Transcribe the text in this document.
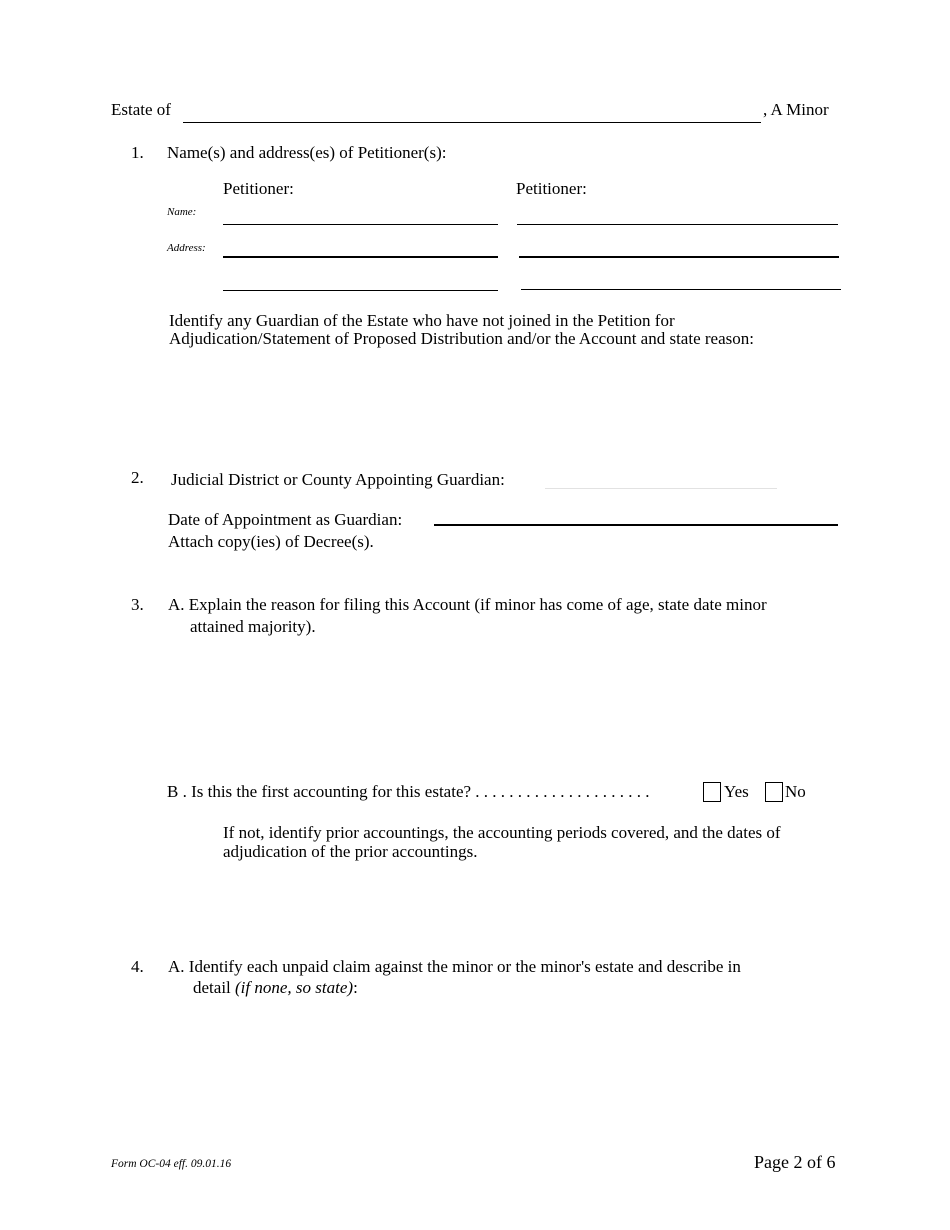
Estate of	, A Minor
1. Name(s) and address(es) of Petitioner(s):
Petitioner:	Petitioner:
Name:
Address:
Identify any Guardian of the Estate who have not joined in the Petition for
Adjudication/Statement of Proposed Distribution and/or the Account and state reason:
2. Judicial District or County Appointing Guardian:
Date of Appointment as Guardian:
Attach copy(ies) of Decree(s).
3. A. Explain the reason for filing this Account (if minor has come of age, state date minor
attained majority).
B . Is this the first accounting for this estate? . . . . . . . . . . . . . . . . . . . . .	Yes No
If not, identify prior accountings, the accounting periods covered, and the dates of
adjudication of the prior accountings.
4. A. Identify each unpaid claim against the minor or the minor's estate and describe in
detail (if none, so state):
Form OC-04 eff. 09.01.16	Page 2 of 6
